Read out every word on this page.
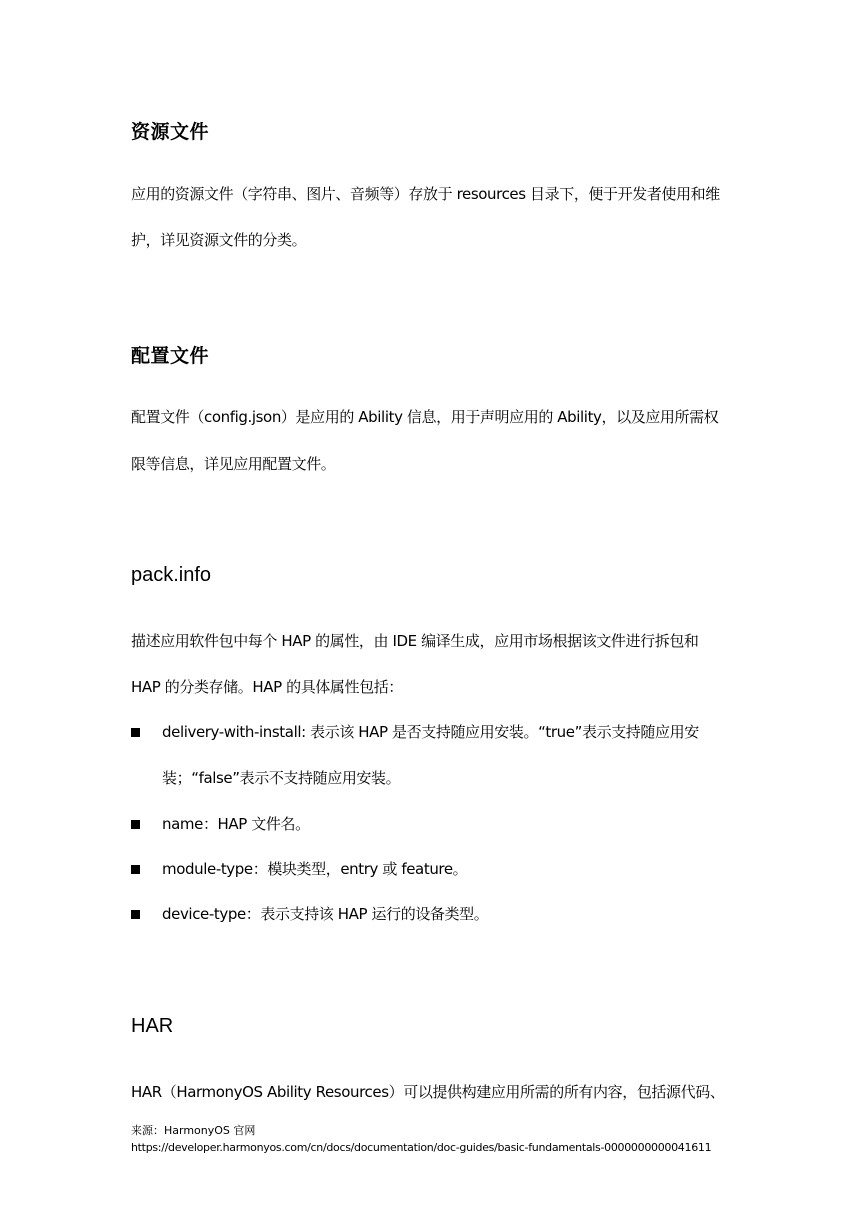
资源文件
应用的资源文件（字符串、图片、音频等）存放于 resources 目录下，便于开发者使用和维
护，详见资源文件的分类。
配置文件
配置文件（config.json）是应用的 Ability 信息，用于声明应用的 Ability，以及应用所需权
限等信息，详见应用配置文件。
pack.info
描述应用软件包中每个 HAP 的属性，由 IDE 编译生成，应用市场根据该文件进行拆包和
HAP 的分类存储。HAP 的具体属性包括：
delivery-with-install: 表示该 HAP 是否支持随应用安装。“true”表示支持随应用安
装；“false”表示不支持随应用安装。
name：HAP 文件名。
module-type：模块类型，entry 或 feature。
device-type：表示支持该 HAP 运行的设备类型。
HAR
HAR（HarmonyOS Ability Resources）可以提供构建应用所需的所有内容，包括源代码、
来源：HarmonyOS 官网
https://developer.harmonyos.com/cn/docs/documentation/doc-guides/basic-fundamentals-0000000000041611
